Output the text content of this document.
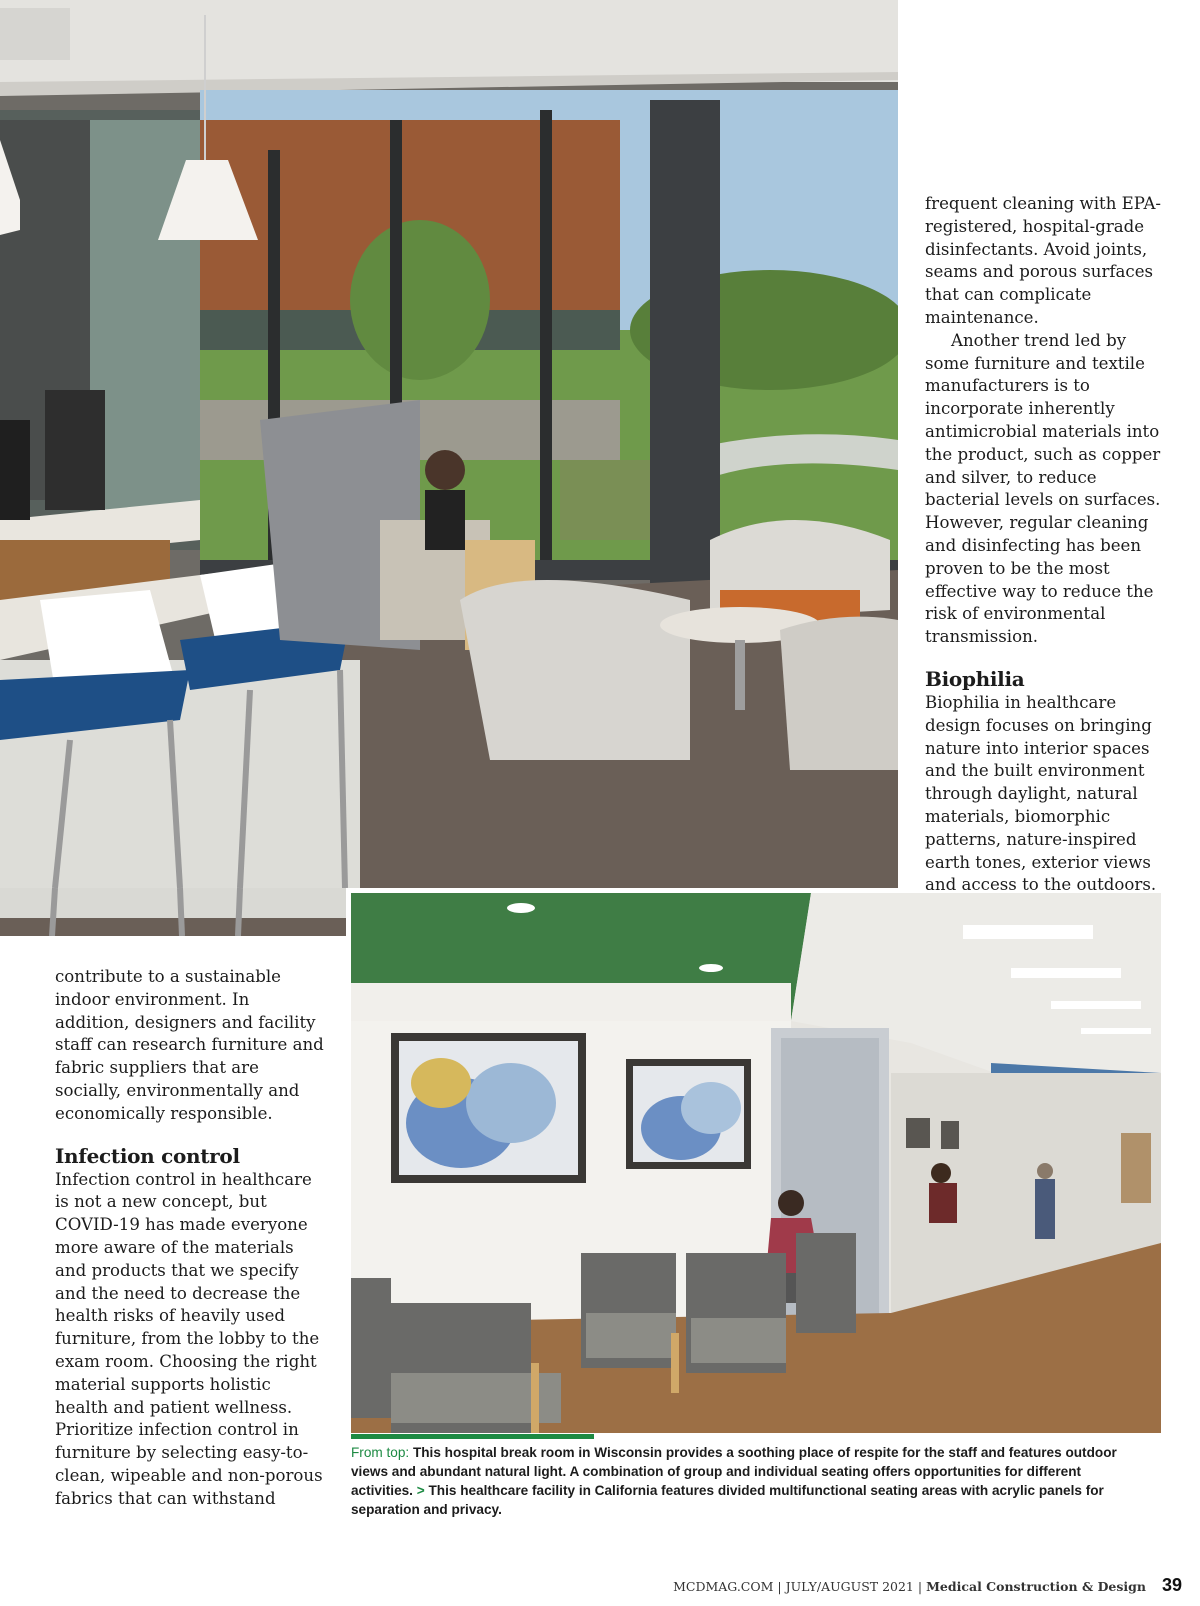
frequent cleaning with EPA-registered, hospital-grade disinfectants. Avoid joints, seams and porous surfaces that can complicate maintenance.

Another trend led by some furniture and textile manufacturers is to incorporate inherently antimicrobial materials into the product, such as copper and silver, to reduce bacterial levels on surfaces. However, regular cleaning and disinfecting has been proven to be the most effective way to reduce the risk of environmental transmission.

Biophilia

Biophilia in healthcare design focuses on bringing nature into interior spaces and the built environment through daylight, natural materials, biomorphic patterns, nature-inspired earth tones, exterior views and access to the outdoors.

contribute to a sustainable indoor environment. In addition, designers and facility staff can research furniture and fabric suppliers that are socially, environmentally and economically responsible.

Infection control

Infection control in healthcare is not a new concept, but COVID-19 has made everyone more aware of the materials and products that we specify and the need to decrease the health risks of heavily used furniture, from the lobby to the exam room. Choosing the right material supports holistic health and patient wellness. Prioritize infection control in furniture by selecting easy-to-clean, wipeable and non-porous fabrics that can withstand

From top: This hospital break room in Wisconsin provides a soothing place of respite for the staff and features outdoor views and abundant natural light. A combination of group and individual seating offers opportunities for different activities. > This healthcare facility in California features divided multifunctional seating areas with acrylic panels for separation and privacy.
MCDMAG.COM | JULY/AUGUST 2021 | Medical Construction & Design 39
